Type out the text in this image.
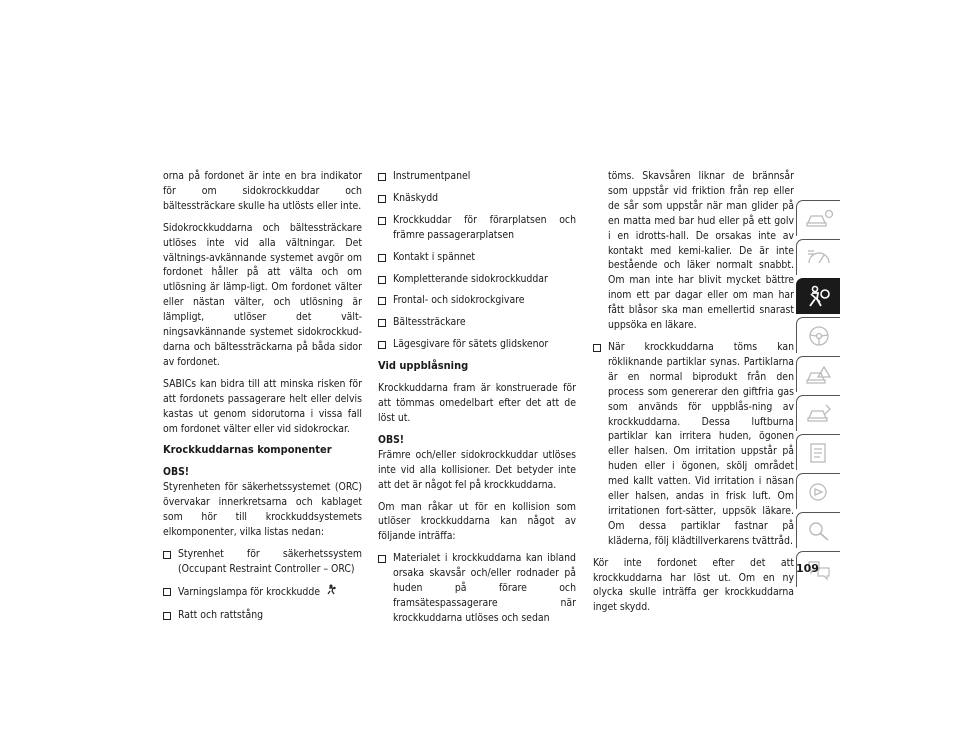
orna på fordonet är inte en bra indikator för om sidokrockkuddar och bältessträckare skulle ha utlösts eller inte.

Sidokrockkuddarna och bältessträckare utlöses inte vid alla vältningar. Det vältnings-avkännande systemet avgör om fordonet håller på att välta och om utlösning är lämp-ligt. Om fordonet välter eller nästan välter, och utlösning är lämpligt, utlöser det vält-ningsavkännande systemet sidokrockkud-darna och bältessträckarna på båda sidor av fordonet.

SABICs kan bidra till att minska risken för att fordonets passagerare helt eller delvis kastas ut genom sidorutorna i vissa fall om fordonet välter eller vid sidokrockar.

Krockkuddarnas komponenter

OBS!
Styrenheten för säkerhetssystemet (ORC) övervakar innerkretsarna och kablaget som hör till krockkuddsystemets elkomponenter, vilka listas nedan:

Styrenhet för säkerhetssystem (Occupant Restraint Controller – ORC)
Varningslampa för krockkudde
Ratt och rattstång
Instrumentpanel
Knäskydd
Krockkuddar för förarplatsen och främre passagerarplatsen
Kontakt i spännet
Kompletterande sidokrockkuddar
Frontal- och sidokrockgivare
Bältessträckare
Lägesgivare för sätets glidskenor
Vid uppblåsning

Krockkuddarna fram är konstruerade för att tömmas omedelbart efter det att de löst ut.

OBS!
Främre och/eller sidokrockkuddar utlöses inte vid alla kollisioner. Det betyder inte att det är något fel på krockkuddarna.

Om man råkar ut för en kollision som utlöser krockkuddarna kan något av följande inträffa:

Materialet i krockkuddarna kan ibland orsaka skavsår och/eller rodnader på huden på förare och framsätespassagerare när krockkuddarna utlöses och sedan

töms. Skavsåren liknar de brännsår som uppstår vid friktion från rep eller de sår som uppstår när man glider på en matta med bar hud eller på ett golv i en idrotts-hall. De orsakas inte av kontakt med kemi-kalier. De är inte bestående och läker normalt snabbt. Om man inte har blivit mycket bättre inom ett par dagar eller om man har fått blåsor ska man emellertid snarast uppsöka en läkare.

När krockkuddarna töms kan rökliknande partiklar synas. Partiklarna är en normal biprodukt från den process som genererar den giftfria gas som används för uppblås-ning av krockkuddarna. Dessa luftburna partiklar kan irritera huden, ögonen eller halsen. Om irritation uppstår på huden eller i ögonen, skölj området med kallt vatten. Vid irritation i näsan eller halsen, andas in frisk luft. Om irritationen fort-sätter, uppsök läkare. Om dessa partiklar fastnar på kläderna, följ klädtillverkarens tvättråd.

Kör inte fordonet efter det att krockkuddarna har löst ut. Om en ny olycka skulle inträffa ger krockkuddarna inget skydd.

109
